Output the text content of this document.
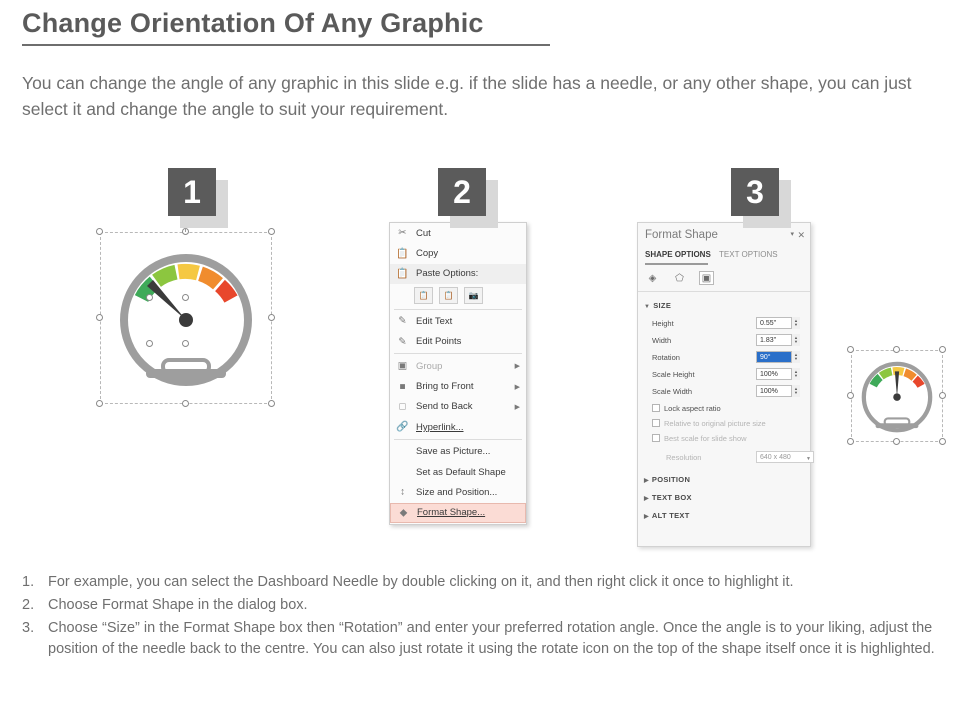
Change Orientation Of Any Graphic
You can change the angle of any graphic in this slide e.g. if the slide has a needle, or any other shape, you can just select it and change the angle to suit your requirement.
1	2	3
✂ Cut
📋 Copy
📋 Paste Options:
📋	📋	📷
✎ Edit Text
✎ Edit Points
▣ Group	▶
■	Bring to Front	▶
□	Send to Back	▶
🔗 Hyperlink...
Save as Picture...
Set as Default Shape
↕	Size and Position...
◆	Format Shape...
Format Shape	▾ ✕
SHAPE OPTIONS TEXT OPTIONS
◈	⬠	▣
▼ SIZE
Height	0.55"	▲
▼
Width	1.83"	▲
▼
Rotation	90°	▲
▼
Scale Height	100%	▲
▼
Scale Width	100%	▲
▼
Lock aspect ratio
Relative to original picture size
Best scale for slide show
Resolution	640 x 480	▼
▶ POSITION
▶ TEXT BOX
▶ ALT TEXT
1. For example, you can select the Dashboard Needle by double clicking on it, and then right click it once to highlight it.
2. Choose Format Shape in the dialog box.
3. Choose “Size” in the Format Shape box then “Rotation” and enter your preferred rotation angle. Once the angle is to your liking, adjust the position of the needle back to the centre. You can also just rotate it using the rotate icon on the top of the shape itself once it is highlighted.
